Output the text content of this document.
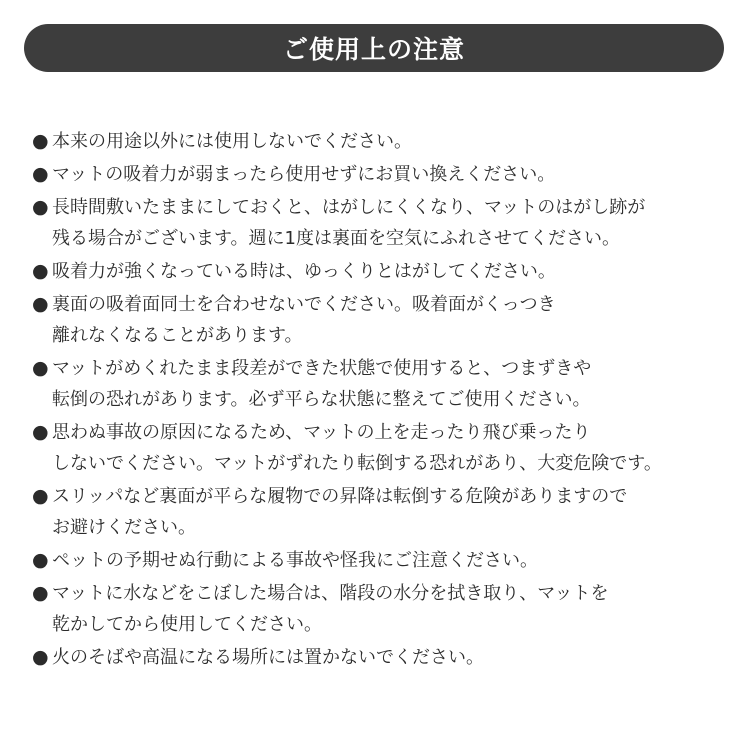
ご使用上の注意
● 本来の用途以外には使用しないでください。
● マットの吸着力が弱まったら使用せずにお買い換えください。
● 長時間敷いたままにしておくと、はがしにくくなり、マットのはがし跡が
残る場合がございます。週に1度は裏面を空気にふれさせてください。
● 吸着力が強くなっている時は、ゆっくりとはがしてください。
● 裏面の吸着面同士を合わせないでください。吸着面がくっつき
離れなくなることがあります。
● マットがめくれたまま段差ができた状態で使用すると、つまずきや
転倒の恐れがあります。必ず平らな状態に整えてご使用ください。
● 思わぬ事故の原因になるため、マットの上を走ったり飛び乗ったり
しないでください。マットがずれたり転倒する恐れがあり、大変危険です。
● スリッパなど裏面が平らな履物での昇降は転倒する危険がありますので
お避けください。
● ペットの予期せぬ行動による事故や怪我にご注意ください。
● マットに水などをこぼした場合は、階段の水分を拭き取り、マットを
乾かしてから使用してください。
● 火のそばや高温になる場所には置かないでください。
